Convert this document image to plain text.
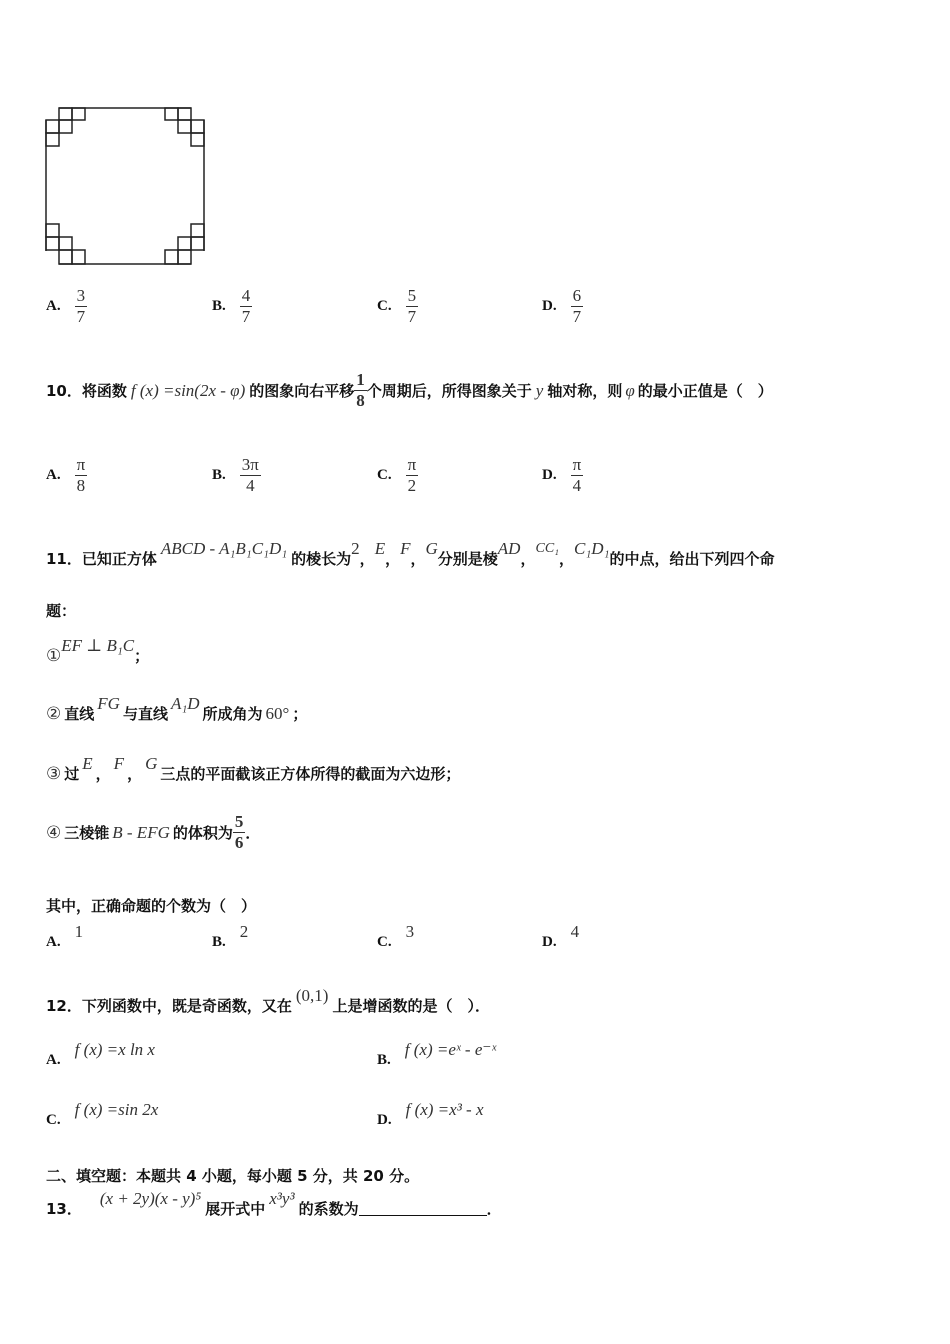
A. $\frac{3}{7}$	B. $\frac{4}{7}$	C. $\frac{5}{7}$	D. $\frac{6}{7}$
10． 将函数 f (x) =sin(2x - φ) 的图象向右平移 $\frac{1}{8}$ 个周期后，所得图象关于 y 轴对称，则 φ 的最小正值是（　）
A. $\frac{\pi}{8}$	B. $\frac{3\pi}{4}$	C. $\frac{\pi}{2}$	D. $\frac{\pi}{4}$
11． 已知正方体
ABCD - A₁B₁C₁D₁
的棱长为
2
，
E
，
F
，
G
分别是棱
AD
，
CC₁
，
C₁D₁
的中点，给出下列四个命
题：
①
EF ⊥ B₁C
；
② 直线
FG
与直线
A₁D
所成角为 60° ；
③ 过
E
，
F
，
G
三点的平面截该正方体所得的截面为六边形；
④ 三棱锥 B - EFG 的体积为 $\frac{5}{6}$ ．
其中，正确命题的个数为（　）
A.
1
B.
2
C.
3
D.
4
12． 下列函数中，既是奇函数，又在
(0,1)
上是增函数的是（　）．
A.
f (x) =x ln x
B.
f (x) =eˣ - e⁻ˣ
C.
f (x) =sin 2x
D.
f (x) =x³ - x
二、填空题：本题共 4 小题，每小题 5 分，共 20 分。
13．
(x + 2y)(x - y)⁵
展开式中
x³y³
的系数为	．
